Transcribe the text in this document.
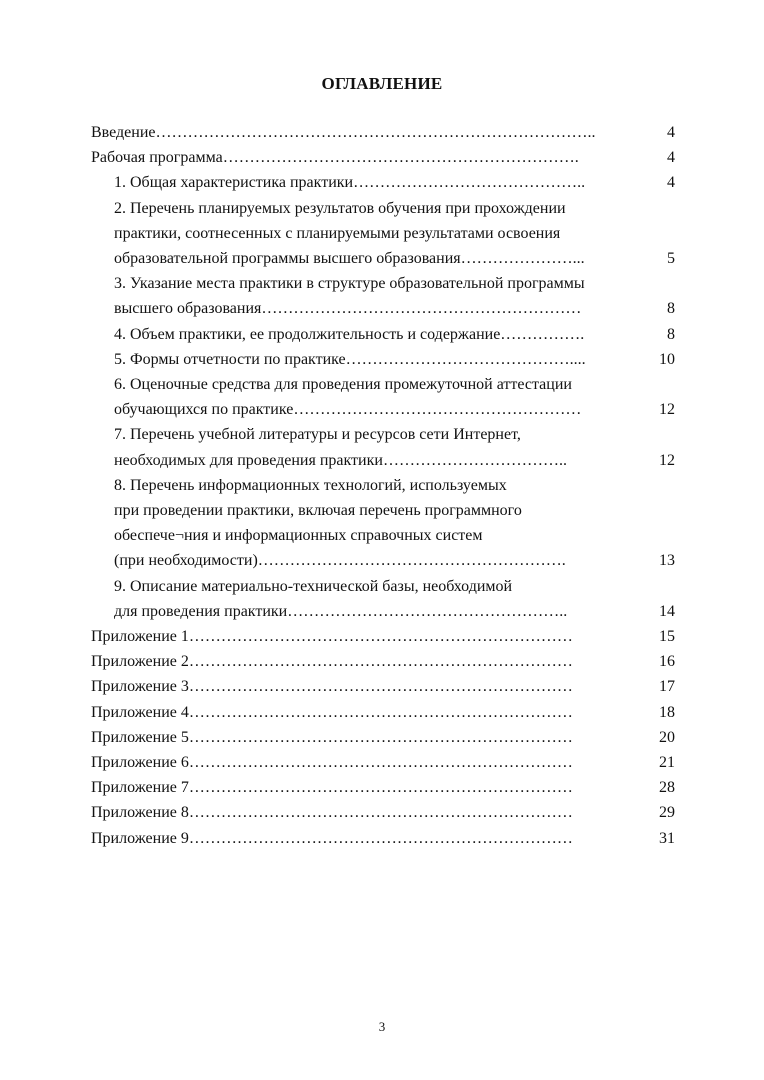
ОГЛАВЛЕНИЕ
Введение………………………………………………………………………..	4
Рабочая программа………………………………………………………….	4
1. Общая характеристика практики……………………………………..	4
2. Перечень планируемых результатов обучения при прохождении
практики, соотнесенных с планируемыми результатами освоения
образовательной программы высшего образования…………………...	5
3. Указание места практики в структуре образовательной программы
высшего образования……………………………………………………	8
4. Объем практики, ее продолжительность и содержание…………….	8
5. Формы отчетности по практике……………………………………....	10
6. Оценочные средства для проведения промежуточной аттестации
обучающихся по практике………………………………………………	12
7. Перечень учебной литературы и ресурсов сети Интернет,
необходимых для проведения практики……………………………..	12
8. Перечень информационных технологий, используемых
при проведении практики, включая перечень программного
обеспече¬ния и информационных справочных систем
(при необходимости)………………………………………………….	13
9. Описание материально-технической базы, необходимой
для проведения практики……………………………………………..	14
Приложение 1………………………………………………………………	15
Приложение 2………………………………………………………………	16
Приложение 3………………………………………………………………	17
Приложение 4………………………………………………………………	18
Приложение 5………………………………………………………………	20
Приложение 6………………………………………………………………	21
Приложение 7………………………………………………………………	28
Приложение 8………………………………………………………………	29
Приложение 9………………………………………………………………	31
3
